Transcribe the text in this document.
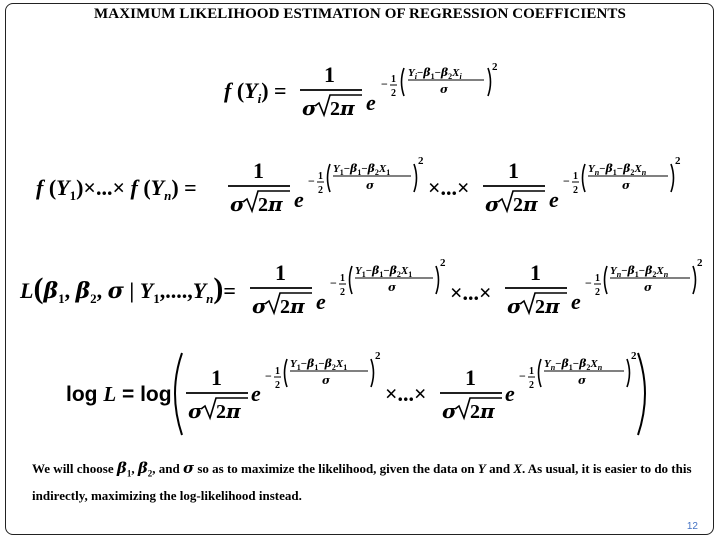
MAXIMUM LIKELIHOOD ESTIMATION OF REGRESSION COEFFICIENTS
f $(Y_i)$ =
1
σ 2π e
− 1
2
$Y_i-\beta_1-\beta_2X_i$
σ
2
f $(Y_1)\times...\times f$ $(Y_n)$ =
1
σ 2π e
− 1
2
$Y_1-\beta_1-\beta_2X_1$
σ
2
×...×
1
σ 2π e
− 1
2
$Y_n-\beta_1-\beta_2X_n$
σ
2
$L(\beta_1$, $\beta_2$, σ | $Y_1,....,Y_n)=$
1
σ 2π e
− 1
2
$Y_1-\beta_1-\beta_2X_1$
σ
2
×...×
1
σ 2π e
− 1
2
$Y_n-\beta_1-\beta_2X_n$
σ
2
log L = log
1
σ 2π
e
− 1
2
$Y_1-\beta_1-\beta_2X_1$
σ
2
×...×
1
σ 2π
e
− 1
2
$Y_n-\beta_1-\beta_2X_n$
σ
2
We will choose $\beta_1$, $\beta_2$, and σ so as to maximize the likelihood, given the data on Y and X. As usual, it is easier to do this indirectly, maximizing the log-likelihood instead.
12
